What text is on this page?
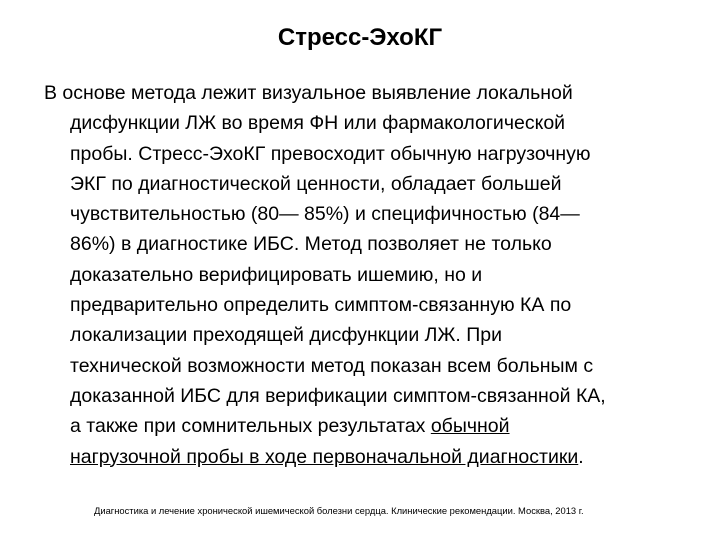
Стресс-ЭхоКГ

В основе метода лежит визуальное выявление локальной
дисфункции ЛЖ во время ФН или фармакологической
пробы. Стресс-ЭхоКГ превосходит обычную нагрузочную
ЭКГ по диагностической ценности, обладает большей
чувствительностью (80— 85%) и специфичностью (84—
86%) в диагностике ИБС. Метод позволяет не только
доказательно верифицировать ишемию, но и
предварительно определить симптом-связанную КА по
локализации преходящей дисфункции ЛЖ. При
технической возможности метод показан всем больным с
доказанной ИБС для верификации симптом-связанной КА,
а также при сомнительных результатах обычной
нагрузочной пробы в ходе первоначальной диагностики.

Диагностика и лечение хронической ишемической болезни сердца. Клинические рекомендации. Москва, 2013 г.
